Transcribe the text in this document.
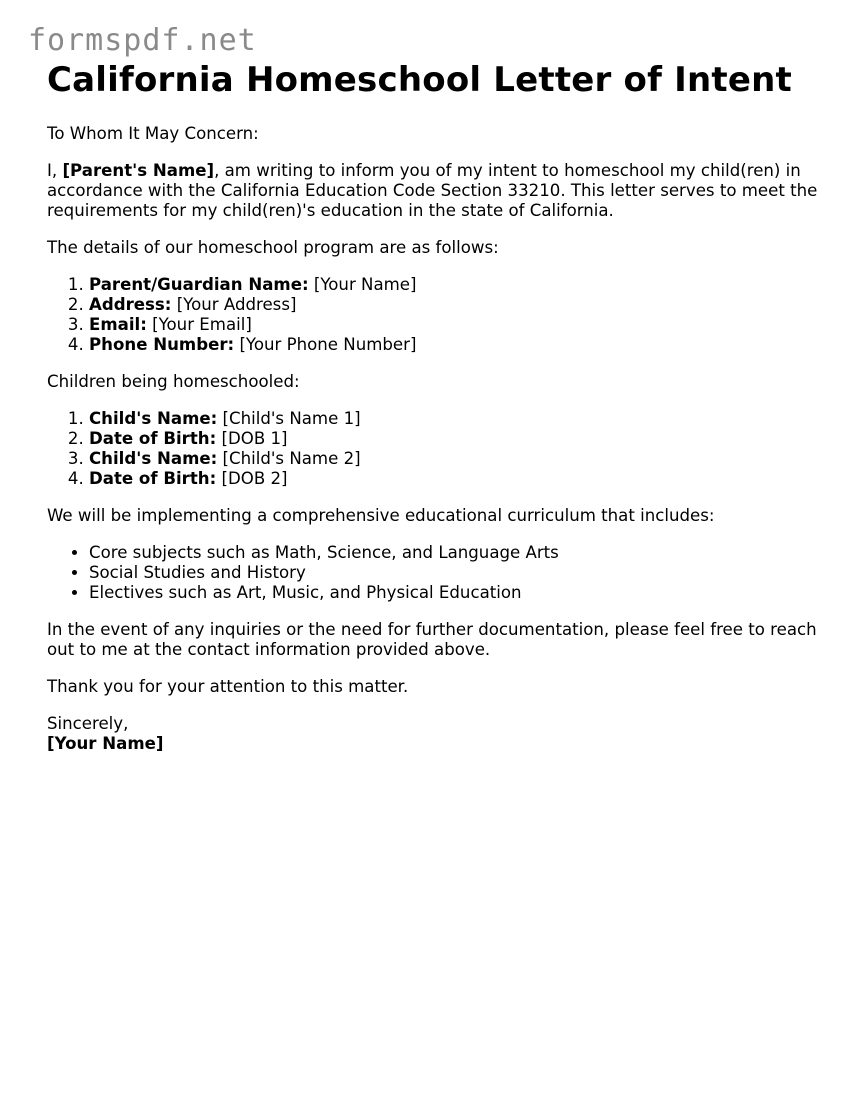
formspdf.net
California Homeschool Letter of Intent

To Whom It May Concern:

I, [Parent's Name], am writing to inform you of my intent to homeschool my child(ren) in accordance with the California Education Code Section 33210. This letter serves to meet the requirements for my child(ren)'s education in the state of California.

The details of our homeschool program are as follows:

1. Parent/Guardian Name: [Your Name]
2. Address: [Your Address]
3. Email: [Your Email]
4. Phone Number: [Your Phone Number]

Children being homeschooled:

1. Child's Name: [Child's Name 1]
2. Date of Birth: [DOB 1]
3. Child's Name: [Child's Name 2]
4. Date of Birth: [DOB 2]

We will be implementing a comprehensive educational curriculum that includes:

• Core subjects such as Math, Science, and Language Arts
• Social Studies and History
• Electives such as Art, Music, and Physical Education

In the event of any inquiries or the need for further documentation, please feel free to reach out to me at the contact information provided above.

Thank you for your attention to this matter.

Sincerely,

[Your Name]
